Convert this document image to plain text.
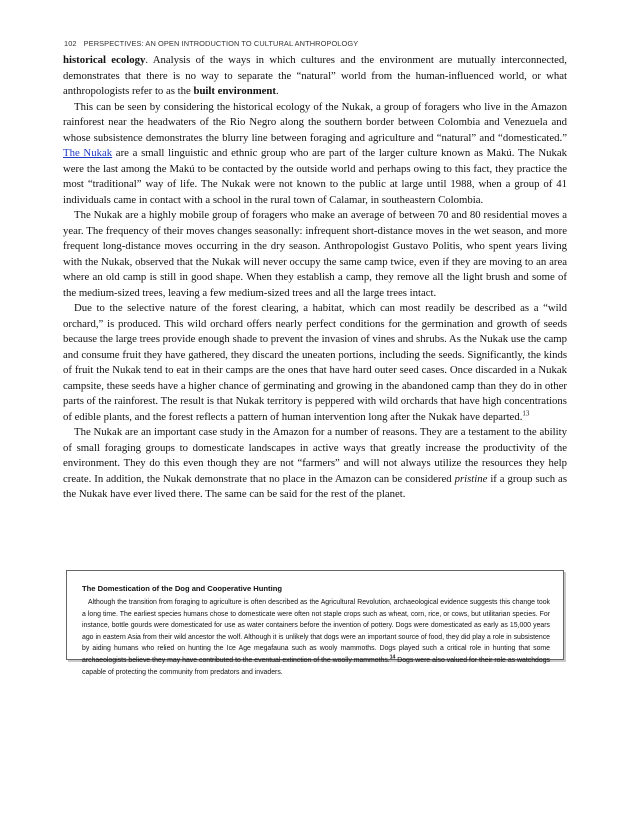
102 PERSPECTIVES: AN OPEN INTRODUCTION TO CULTURAL ANTHROPOLOGY

historical ecology. Analysis of the ways in which cultures and the environment are mutually interconnected, demonstrates that there is no way to separate the “natural” world from the human-influenced world, or what anthropologists refer to as the built environment.

This can be seen by considering the historical ecology of the Nukak, a group of foragers who live in the Amazon rainforest near the headwaters of the Rio Negro along the southern border between Colombia and Venezuela and whose subsistence demonstrates the blurry line between foraging and agriculture and “natural” and “domesticated.” The Nukak are a small linguistic and ethnic group who are part of the larger culture known as Makú. The Nukak were the last among the Makú to be contacted by the outside world and perhaps owing to this fact, they practice the most “traditional” way of life. The Nukak were not known to the public at large until 1988, when a group of 41 individuals came in contact with a school in the rural town of Calamar, in southeastern Colombia.

The Nukak are a highly mobile group of foragers who make an average of between 70 and 80 residential moves a year. The frequency of their moves changes seasonally: infrequent short-distance moves in the wet season, and more frequent long-distance moves occurring in the dry season. Anthropologist Gustavo Politis, who spent years living with the Nukak, observed that the Nukak will never occupy the same camp twice, even if they are moving to an area where an old camp is still in good shape. When they establish a camp, they remove all the light brush and some of the medium-sized trees, leaving a few medium-sized trees and all the large trees intact.

Due to the selective nature of the forest clearing, a habitat, which can most readily be described as a “wild orchard,” is produced. This wild orchard offers nearly perfect conditions for the germination and growth of seeds because the large trees provide enough shade to prevent the invasion of vines and shrubs. As the Nukak use the camp and consume fruit they have gathered, they discard the uneaten portions, including the seeds. Significantly, the kinds of fruit the Nukak tend to eat in their camps are the ones that have hard outer seed cases. Once discarded in a Nukak campsite, these seeds have a higher chance of germinating and growing in the abandoned camp than they do in other parts of the rainforest. The result is that Nukak territory is peppered with wild orchards that have high concentrations of edible plants, and the forest reflects a pattern of human intervention long after the Nukak have departed.$^{13}$

The Nukak are an important case study in the Amazon for a number of reasons. They are a testament to the ability of small foraging groups to domesticate landscapes in active ways that greatly increase the productivity of the environment. They do this even though they are not “farmers” and will not always utilize the resources they help create. In addition, the Nukak demonstrate that no place in the Amazon can be considered pristine if a group such as the Nukak have ever lived there. The same can be said for the rest of the planet.

The Domestication of the Dog and Cooperative Hunting
Although the transition from foraging to agriculture is often described as the Agricultural Revolution, archaeological evidence suggests this change took a long time. The earliest species humans chose to domesticate were often not staple crops such as wheat, corn, rice, or cows, but utilitarian species. For instance, bottle gourds were domesticated for use as water containers before the invention of pottery. Dogs were domesticated as early as 15,000 years ago in eastern Asia from their wild ancestor the wolf. Although it is unlikely that dogs were an important source of food, they did play a role in subsistence by aiding humans who relied on hunting the Ice Age megafauna such as wooly mammoths. Dogs played such a critical role in hunting that some archaeologists believe they may have contributed to the eventual extinction of the woolly mammoths.$^{14}$ Dogs were also valued for their role as watchdogs capable of protecting the community from predators and invaders.
